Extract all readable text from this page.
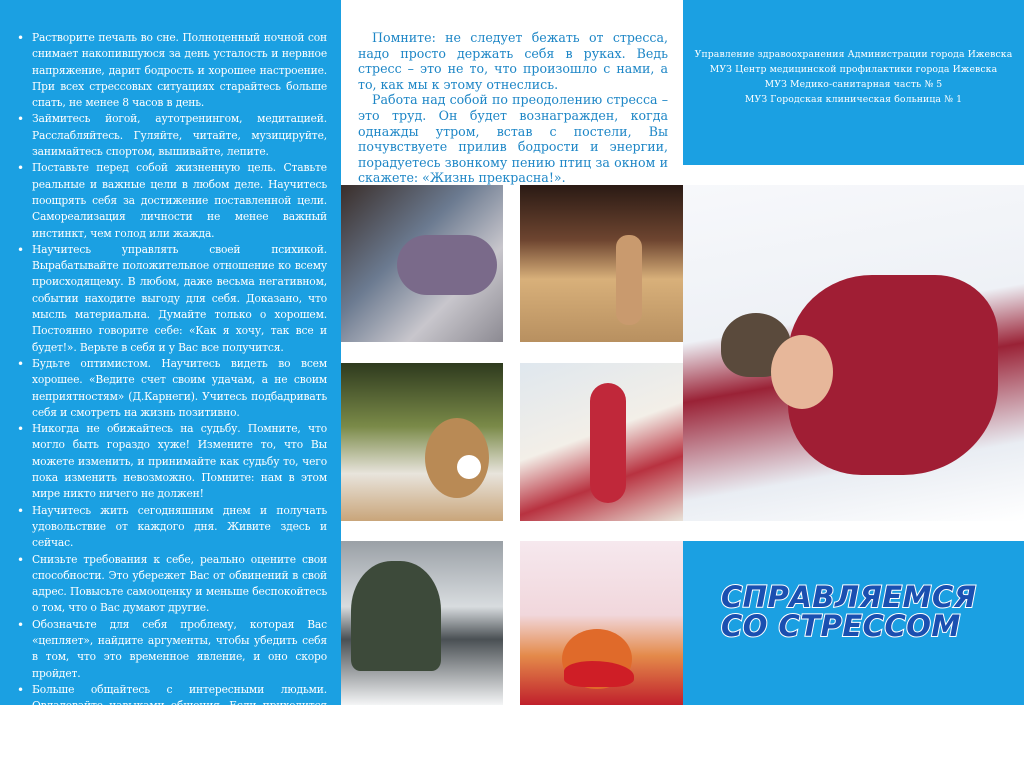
• Растворите печаль во сне. Полноценный ночной сон снимает накопившуюся за день усталость и нервное напряжение, дарит бодрость и хорошее настроение. При всех стрессовых ситуациях старайтесь больше спать, не менее 8 часов в день.
• Займитесь йогой, аутотренингом, медитацией. Расслабляйтесь. Гуляйте, читайте, музицируйте, занимайтесь спортом, вышивайте, лепите.
• Поставьте перед собой жизненную цель. Ставьте реальные и важные цели в любом деле. Научитесь поощрять себя за достижение поставленной цели. Самореализация личности не менее важный инстинкт, чем голод или жажда.
• Научитесь управлять своей психикой. Вырабатывайте положительное отношение ко всему происходящему. В любом, даже весьма негативном, событии находите выгоду для себя. Доказано, что мысль материальна. Думайте только о хорошем. Постоянно говорите себе: «Как я хочу, так все и будет!». Верьте в себя и у Вас все получится.
• Будьте оптимистом. Научитесь видеть во всем хорошее. «Ведите счет своим удачам, а не своим неприятностям» (Д.Карнеги). Учитесь подбадривать себя и смотреть на жизнь позитивно.
• Никогда не обижайтесь на судьбу. Помните, что могло быть гораздо хуже! Измените то, что Вы можете изменить, и принимайте как судьбу то, чего пока изменить невозможно. Помните: нам в этом мире никто ничего не должен!
• Научитесь жить сегодняшним днем и получать удовольствие от каждого дня. Живите здесь и сейчас.
• Снизьте требования к себе, реально оцените свои способности. Это убережет Вас от обвинений в свой адрес. Повысьте самооценку и меньше беспокойтесь о том, что о Вас думают другие.
• Обозначьте для себя проблему, которая Вас «цепляет», найдите аргументы, чтобы убедить себя в том, что это временное явление, и оно скоро пройдет.
• Больше общайтесь с интересными людьми. Овладевайте навыками общения. Если приходится общаться с людьми невыносимыми, то радуйтесь, что Вы не такой как они.
• Поступайте по отношению к другим так, как хотели бы, чтобы они обращались с Вами.

Помните: не следует бежать от стресса, надо просто держать себя в руках. Ведь стресс – это не то, что произошло с нами, а то, как мы к этому отнеслись.

Работа над собой по преодолению стресса – это труд. Он будет вознагражден, когда однажды утром, встав с постели, Вы почувствуете прилив бодрости и энергии, порадуетесь звонкому пению птиц за окном и скажете: «Жизнь прекрасна!».

Управление здравоохранения Администрации города Ижевска
МУЗ Центр медицинской профилактики города Ижевска
МУЗ Медико-санитарная часть № 5
МУЗ Городская клиническая больница № 1
СПРАВЛЯЕМСЯ
СО СТРЕССОМ
